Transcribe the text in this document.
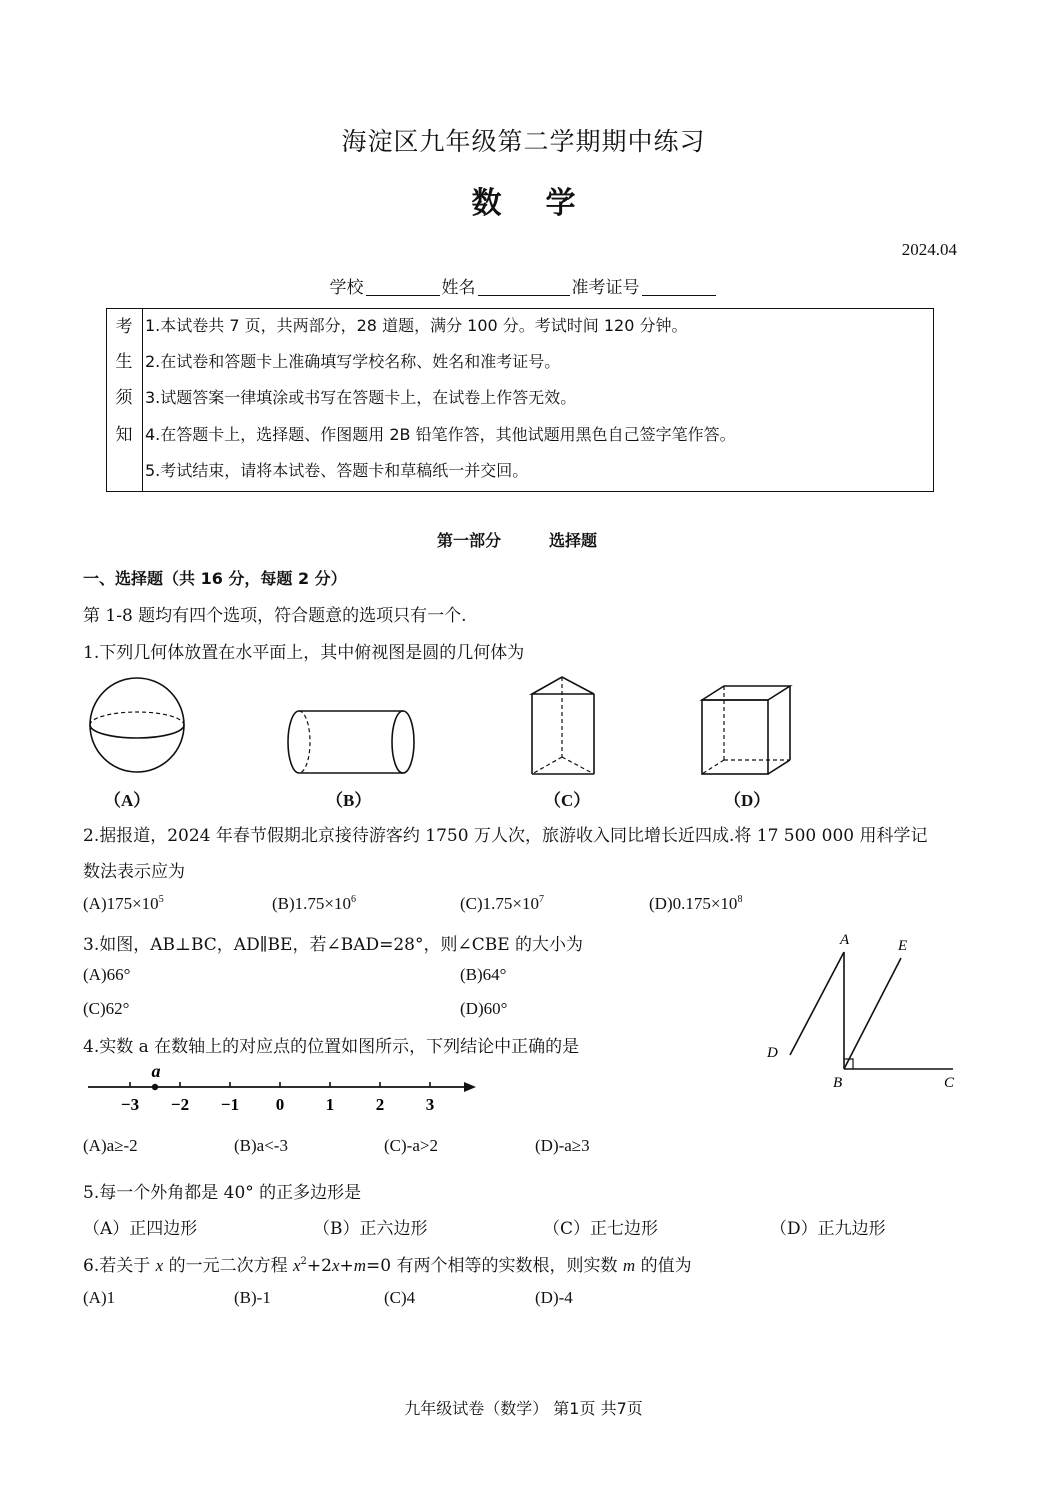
海淀区九年级第二学期期中练习
数学
2024.04
学校	姓名	准考证号
考
生
须
知
1.本试卷共 7 页，共两部分，28 道题，满分 100 分。考试时间 120 分钟。
2.在试卷和答题卡上准确填写学校名称、姓名和准考证号。
3.试题答案一律填涂或书写在答题卡上，在试卷上作答无效。
4.在答题卡上，选择题、作图题用 2B 铅笔作答，其他试题用黑色自己签字笔作答。
5.考试结束，请将本试卷、答题卡和草稿纸一并交回。
第一部分	选择题
一、选择题（共 16 分，每题 2 分）
第 1-8 题均有四个选项，符合题意的选项只有一个.
1.下列几何体放置在水平面上，其中俯视图是圆的几何体为
（A）	（B）	（C）	（D）
2.据报道，2024 年春节假期北京接待游客约 1750 万人次，旅游收入同比增长近四成.将 17 500 000 用科学记
数法表示应为
$(A)175\times 10^5$	$(B)1.75\times 10^6$	$(C)1.75\times 10^7$	$(D)0.175\times 10^8$
3.如图，AB⊥BC，AD∥BE，若∠BAD=28°，则∠CBE 的大小为
(A)66°	(B)64°
(C)62°	(D)60°
A	E
D
B	C
4.实数 a 在数轴上的对应点的位置如图所示，下列结论中正确的是
−3 −2 −1 0 1 2 3
a
(A)a≥-2	(B)a<-3	(C)-a>2	(D)-a≥3
5.每一个外角都是 40° 的正多边形是
（A）正四边形	（B）正六边形	（C）正七边形	（D）正九边形
6.若关于 x 的一元二次方程 $x^2+2x+m=0$ 有两个相等的实数根，则实数 m 的值为
(A)1	(B)-1	(C)4	(D)-4
九年级试卷（数学） 第1页 共7页
